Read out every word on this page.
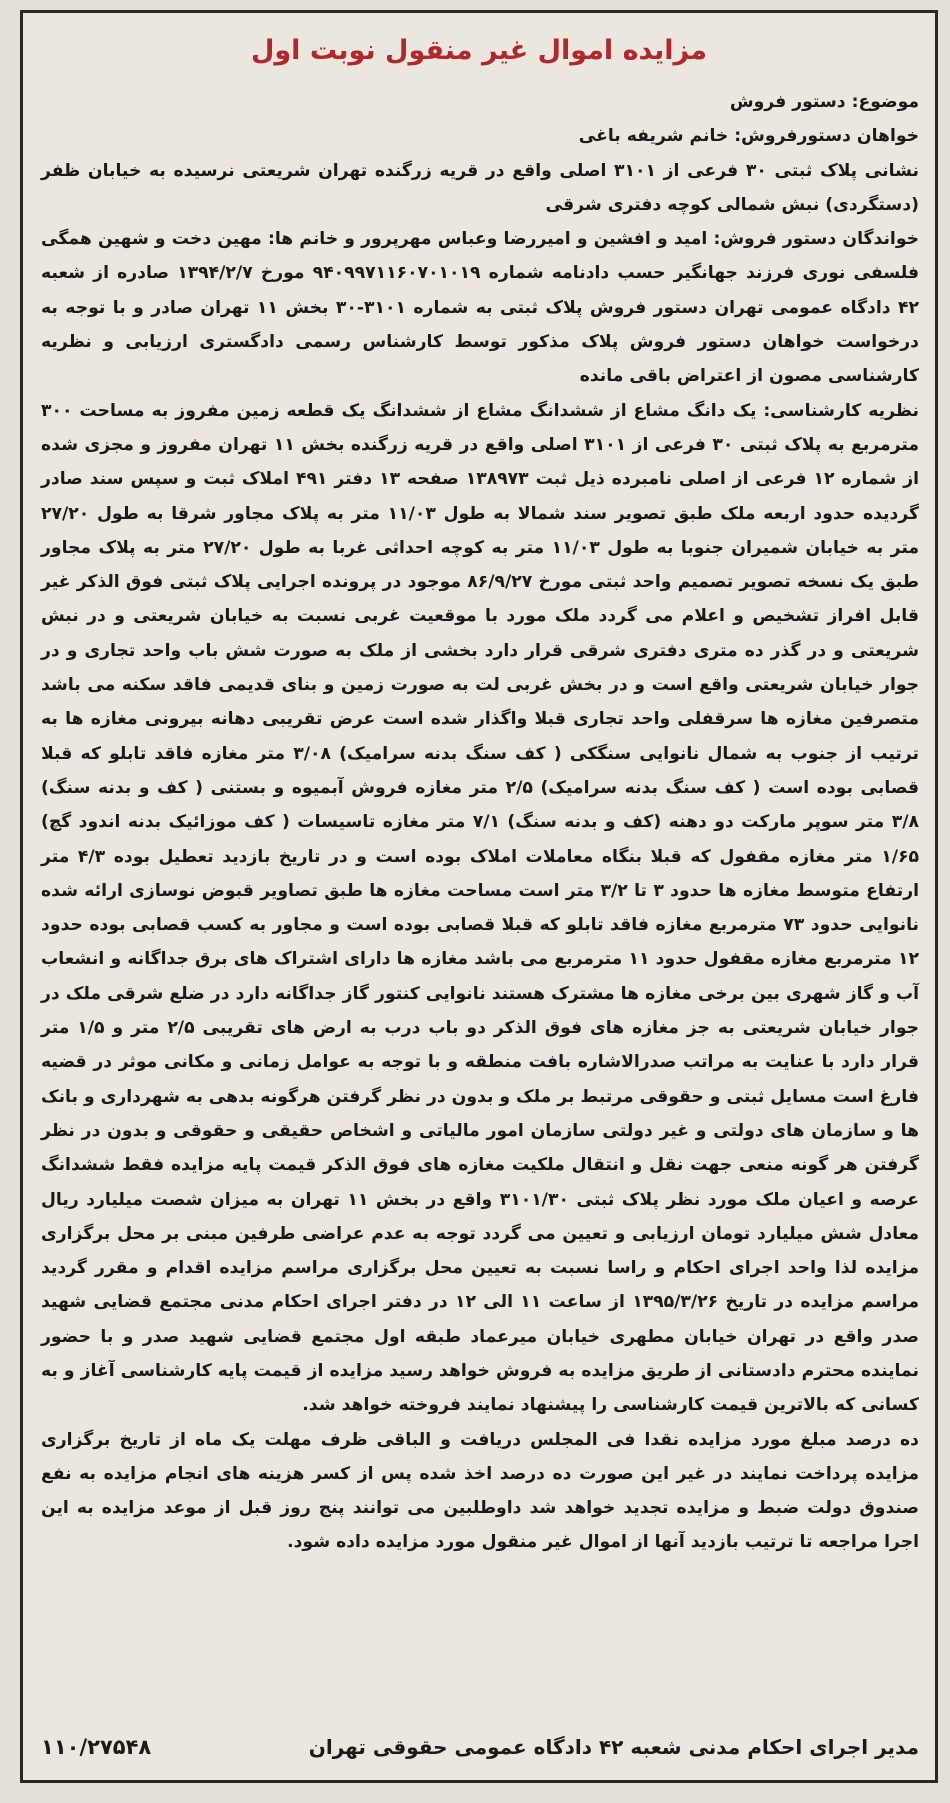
مزایده اموال غیر منقول نوبت اول

موضوع: دستور فروش

خواهان دستورفروش: خانم شریفه باغی

نشانی پلاک ثبتی ۳۰ فرعی از ۳۱۰۱ اصلی واقع در قریه زرگنده تهران شریعتی نرسیده به خیابان ظفر (دستگردی) نبش شمالی کوچه دفتری شرقی

خواندگان دستور فروش: امید و افشین و امیررضا وعباس مهرپرور و خانم ها: مهین دخت و شهین همگی فلسفی نوری فرزند جهانگیر حسب دادنامه شماره ۹۴۰۹۹۷۱۱۶۰۷۰۱۰۱۹ مورخ ۱۳۹۴/۲/۷ صادره از شعبه ۴۲ دادگاه عمومی تهران دستور فروش پلاک ثبتی به شماره ۳۱۰۱-۳۰ بخش ۱۱ تهران صادر و با توجه به درخواست خواهان دستور فروش پلاک مذکور توسط کارشناس رسمی دادگستری ارزیابی و نظریه کارشناسی مصون از اعتراض باقی مانده

نظریه کارشناسی: یک دانگ مشاع از ششدانگ مشاع از ششدانگ یک قطعه زمین مفروز به مساحت ۳۰۰ مترمربع به پلاک ثبتی ۳۰ فرعی از ۳۱۰۱ اصلی واقع در قریه زرگنده بخش ۱۱ تهران مفروز و مجزی شده از شماره ۱۲ فرعی از اصلی نامبرده ذیل ثبت ۱۳۸۹۷۳ صفحه ۱۳ دفتر ۴۹۱ املاک ثبت و سپس سند صادر گردیده حدود اربعه ملک طبق تصویر سند شمالا به طول ۱۱/۰۳ متر به پلاک مجاور شرقا به طول ۲۷/۲۰ متر به خیابان شمیران جنوبا به طول ۱۱/۰۳ متر به کوچه احداثی غربا به طول ۲۷/۲۰ متر به پلاک مجاور طبق یک نسخه تصویر تصمیم واحد ثبتی مورخ ۸۶/۹/۲۷ موجود در پرونده اجرایی پلاک ثبتی فوق الذکر غیر قابل افراز تشخیص و اعلام می گردد ملک مورد با موقعیت غربی نسبت به خیابان شریعتی و در نبش شریعتی و در گذر ده متری دفتری شرقی قرار دارد بخشی از ملک به صورت شش باب واحد تجاری و در جوار خیابان شریعتی واقع است و در بخش غربی لت به صورت زمین و بنای قدیمی فاقد سکنه می باشد متصرفین مغازه ها سرقفلی واحد تجاری قبلا واگذار شده است عرض تقریبی دهانه بیرونی مغازه ها به ترتیب از جنوب به شمال نانوایی سنگکی ( کف سنگ بدنه سرامیک) ۳/۰۸ متر مغازه فاقد تابلو که قبلا قصابی بوده است ( کف سنگ بدنه سرامیک) ۲/۵ متر مغازه فروش آبمیوه و بستنی ( کف و بدنه سنگ) ۳/۸ متر سوپر مارکت دو دهنه (کف و بدنه سنگ) ۷/۱ متر مغازه تاسیسات ( کف موزائیک بدنه اندود گچ) ۱/۶۵ متر مغازه مقفول که قبلا بنگاه معاملات املاک بوده است و در تاریخ بازدید تعطیل بوده ۴/۳ متر ارتفاع متوسط مغازه ها حدود ۳ تا ۳/۲ متر است مساحت مغازه ها طبق تصاویر قبوض نوسازی ارائه شده نانوایی حدود ۷۳ مترمربع مغازه فاقد تابلو که قبلا قصابی بوده است و مجاور به کسب قصابی بوده حدود ۱۲ مترمربع مغازه مقفول حدود ۱۱ مترمربع می باشد مغازه ها دارای اشتراک های برق جداگانه و انشعاب آب و گاز شهری بین برخی مغازه ها مشترک هستند نانوایی کنتور گاز جداگانه دارد در ضلع شرقی ملک در جوار خیابان شریعتی به جز مغازه های فوق الذکر دو باب درب به ارض های تقریبی ۲/۵ متر و ۱/۵ متر قرار دارد با عنایت به مراتب صدرالاشاره بافت منطقه و با توجه به عوامل زمانی و مکانی موثر در قضیه فارغ است مسایل ثبتی و حقوقی مرتبط بر ملک و بدون در نظر گرفتن هرگونه بدهی به شهرداری و بانک ها و سازمان های دولتی و غیر دولتی سازمان امور مالیاتی و اشخاص حقیقی و حقوقی و بدون در نظر گرفتن هر گونه منعی جهت نقل و انتقال ملکیت مغازه های فوق الذکر قیمت پایه مزایده فقط ششدانگ عرصه و اعیان ملک مورد نظر پلاک ثبتی ۳۱۰۱/۳۰ واقع در بخش ۱۱ تهران به میزان شصت میلیارد ریال معادل شش میلیارد تومان ارزیابی و تعیین می گردد توجه به عدم عراضی طرفین مبنی بر محل برگزاری مزایده لذا واحد اجرای احکام و راسا نسبت به تعیین محل برگزاری مراسم مزایده اقدام و مقرر گردید مراسم مزایده در تاریخ ۱۳۹۵/۳/۲۶ از ساعت ۱۱ الی ۱۲ در دفتر اجرای احکام مدنی مجتمع قضایی شهید صدر واقع در تهران خیابان مطهری خیابان میرعماد طبقه اول مجتمع قضایی شهید صدر و با حضور نماینده محترم دادستانی از طریق مزایده به فروش خواهد رسید مزایده از قیمت پایه کارشناسی آغاز و به کسانی که بالاترین قیمت کارشناسی را پیشنهاد نمایند فروخته خواهد شد.

ده درصد مبلغ مورد مزایده نقدا فی المجلس دریافت و الباقی ظرف مهلت یک ماه از تاریخ برگزاری مزایده پرداخت نمایند در غیر این صورت ده درصد اخذ شده پس از کسر هزینه های انجام مزایده به نفع صندوق دولت ضبط و مزایده تجدید خواهد شد داوطلبین می توانند پنج روز قبل از موعد مزایده به این اجرا مراجعه تا ترتیب بازدید آنها از اموال غیر منقول مورد مزایده داده شود.

مدیر اجرای احکام مدنی شعبه ۴۲ دادگاه عمومی حقوقی تهران
۱۱۰/۲۷۵۴۸
